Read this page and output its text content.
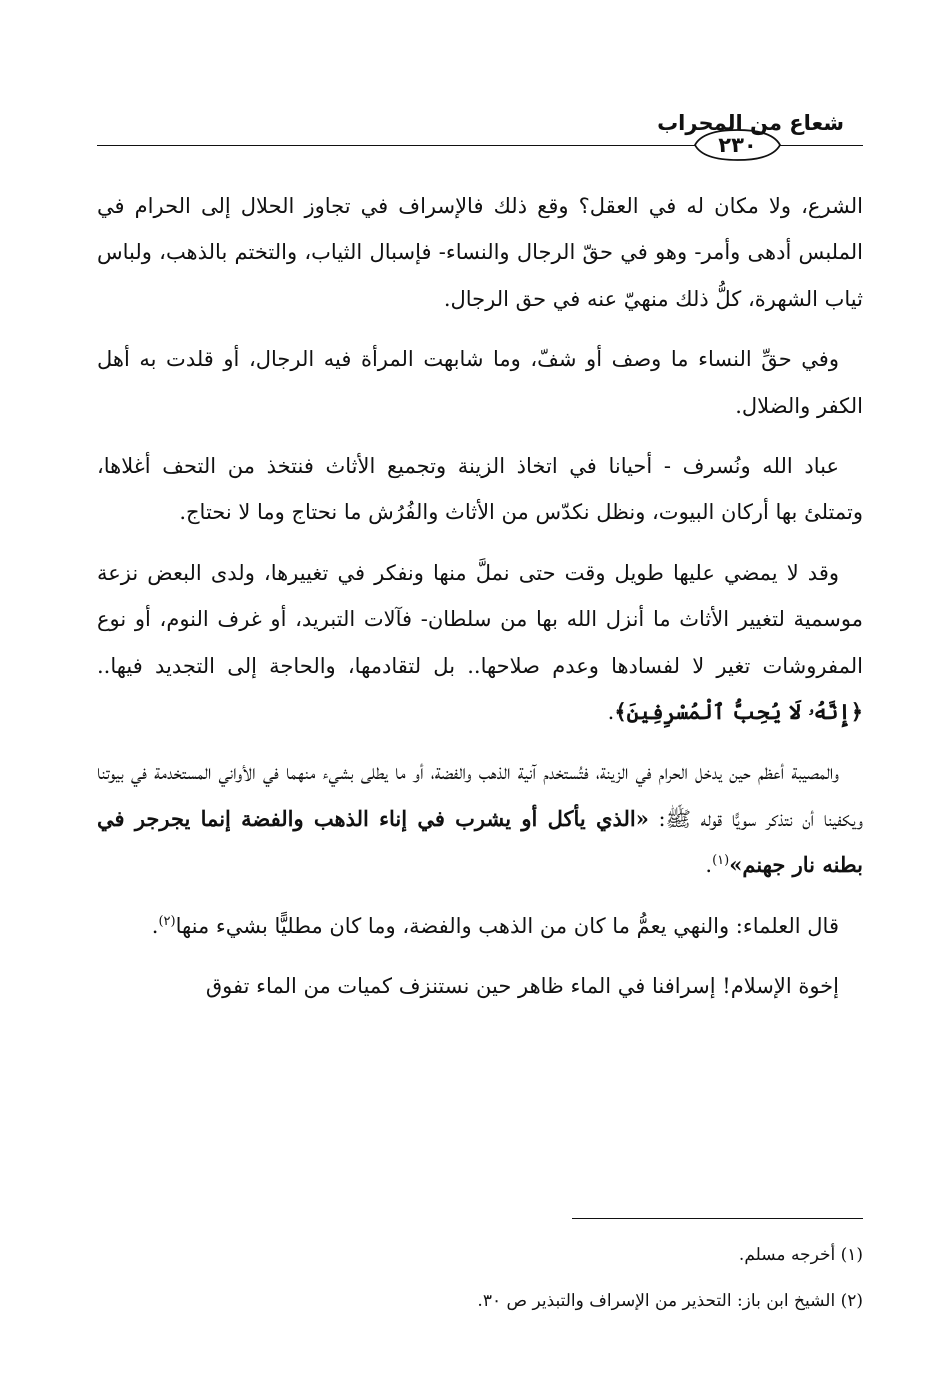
شعاع من المحراب
٢٣٠

الشرع، ولا مكان له في العقل؟ وقع ذلك فالإسراف في تجاوز الحلال إلى الحرام في الملبس أدهى وأمر- وهو في حقّ الرجال والنساء- فإسبال الثياب، والتختم بالذهب، ولباس ثياب الشهرة، كلُّ ذلك منهيّ عنه في حق الرجال.

وفي حقِّ النساء ما وصف أو شفّ، وما شابهت المرأة فيه الرجال، أو قلدت به أهل الكفر والضلال.

عباد الله ونُسرف - أحيانا في اتخاذ الزينة وتجميع الأثاث فنتخذ من التحف أغلاها، وتمتلئ بها أركان البيوت، ونظل نكدّس من الأثاث والفُرُش ما نحتاج وما لا نحتاج.

وقد لا يمضي عليها طويل وقت حتى نملَّ منها ونفكر في تغييرها، ولدى البعض نزعة موسمية لتغيير الأثاث ما أنزل الله بها من سلطان- فآلات التبريد، أو غرف النوم، أو نوع المفروشات تغير لا لفسادها وعدم صلاحها.. بل لتقادمها، والحاجة إلى التجديد فيها.. ﴿إِنَّهُۥ لَا يُحِبُّ ٱلْمُسْرِفِينَ﴾.

والمصيبة أعظم حين يدخل الحرام في الزينة، فتُستخدم آنية الذهب والفضة، أو ما يطلى بشيء منهما في الأواني المستخدمة في بيوتنا ويكفينا أن نتذكر سويًّا قوله ﷺ: «الذي يأكل أو يشرب في إناء الذهب والفضة إنما يجرجر في بطنه نار جهنم»$^{(١)}$.

قال العلماء: والنهي يعمُّ ما كان من الذهب والفضة، وما كان مطليًّا بشيء منها$^{(٢)}$.

إخوة الإسلام! إسرافنا في الماء ظاهر حين نستنزف كميات من الماء تفوق

(١) أخرجه مسلم.
(٢) الشيخ ابن باز: التحذير من الإسراف والتبذير ص ٣٠.
